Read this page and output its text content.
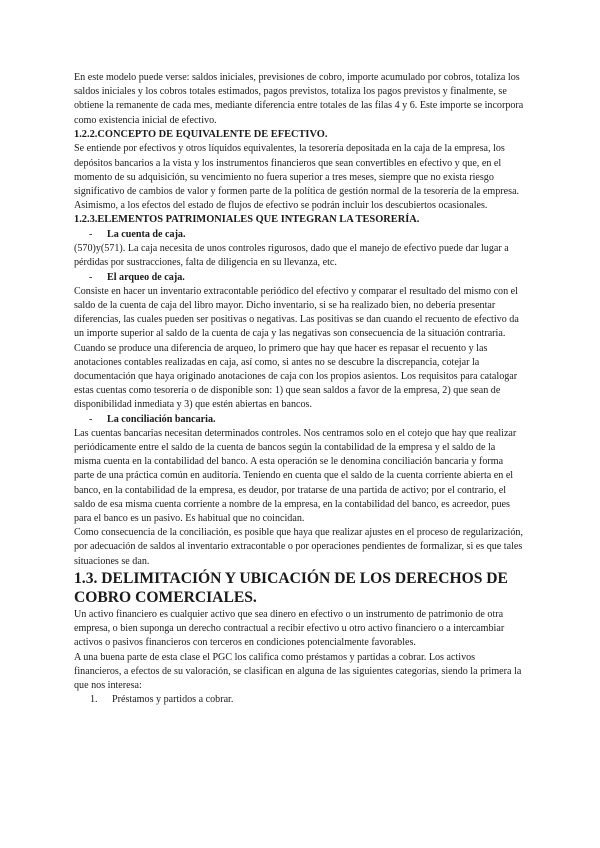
En este modelo puede verse: saldos iniciales, previsiones de cobro, importe acumulado por cobros, totaliza los saldos iniciales y los cobros totales estimados, pagos previstos, totaliza los pagos previstos y finalmente, se obtiene la remanente de cada mes, mediante diferencia entre totales de las filas 4 y 6. Este importe se incorpora como existencia inicial de efectivo.

1.2.2.CONCEPTO DE EQUIVALENTE DE EFECTIVO.

Se entiende por efectivos y otros líquidos equivalentes, la tesorería depositada en la caja de la empresa, los depósitos bancarios a la vista y los instrumentos financieros que sean convertibles en efectivo y que, en el momento de su adquisición, su vencimiento no fuera superior a tres meses, siempre que no exista riesgo significativo de cambios de valor y formen parte de la política de gestión normal de la tesorería de la empresa. Asimismo, a los efectos del estado de flujos de efectivo se podrán incluir los descubiertos ocasionales.

1.2.3.ELEMENTOS PATRIMONIALES QUE INTEGRAN LA TESORERÍA.
-	La cuenta de caja.

(570)y(571). La caja necesita de unos controles rigurosos, dado que el manejo de efectivo puede dar lugar a pérdidas por sustracciones, falta de diligencia en su llevanza, etc.

-	El arqueo de caja.

Consiste en hacer un inventario extracontable periódico del efectivo y comparar el resultado del mismo con el saldo de la cuenta de caja del libro mayor. Dicho inventario, si se ha realizado bien, no debería presentar diferencias, las cuales pueden ser positivas o negativas. Las positivas se dan cuando el recuento de efectivo da un importe superior al saldo de la cuenta de caja y las negativas son consecuencia de la situación contraria.

Cuando se produce una diferencia de arqueo, lo primero que hay que hacer es repasar el recuento y las anotaciones contables realizadas en caja, así como, si antes no se descubre la discrepancia, cotejar la documentación que haya originado anotaciones de caja con los propios asientos. Los requisitos para catalogar estas cuentas como tesorería o de disponible son: 1) que sean saldos a favor de la empresa, 2) que sean de disponibilidad inmediata y 3) que estén abiertas en bancos.

-	La conciliación bancaria.

Las cuentas bancarias necesitan determinados controles. Nos centramos solo en el cotejo que hay que realizar periódicamente entre el saldo de la cuenta de bancos según la contabilidad de la empresa y el saldo de la misma cuenta en la contabilidad del banco. A esta operación se le denomina conciliación bancaria y forma parte de una práctica común en auditoría. Teniendo en cuenta que el saldo de la cuenta corriente abierta en el banco, en la contabilidad de la empresa, es deudor, por tratarse de una partida de activo; por el contrario, el saldo de esa misma cuenta corriente a nombre de la empresa, en la contabilidad del banco, es acreedor, pues para el banco es un pasivo. Es habitual que no coincidan.

Como consecuencia de la conciliación, es posible que haya que realizar ajustes en el proceso de regularización, por adecuación de saldos al inventario extracontable o por operaciones pendientes de formalizar, si es que tales situaciones se dan.

1.3. DELIMITACIÓN Y UBICACIÓN DE LOS DERECHOS DE COBRO COMERCIALES.

Un activo financiero es cualquier activo que sea dinero en efectivo o un instrumento de patrimonio de otra empresa, o bien suponga un derecho contractual a recibir efectivo u otro activo financiero o a intercambiar activos o pasivos financieros con terceros en condiciones potencialmente favorables.

A una buena parte de esta clase el PGC los califica como préstamos y partidas a cobrar. Los activos financieros, a efectos de su valoración, se clasifican en alguna de las siguientes categorías, siendo la primera la que nos interesa:

1.	Préstamos y partidos a cobrar.
